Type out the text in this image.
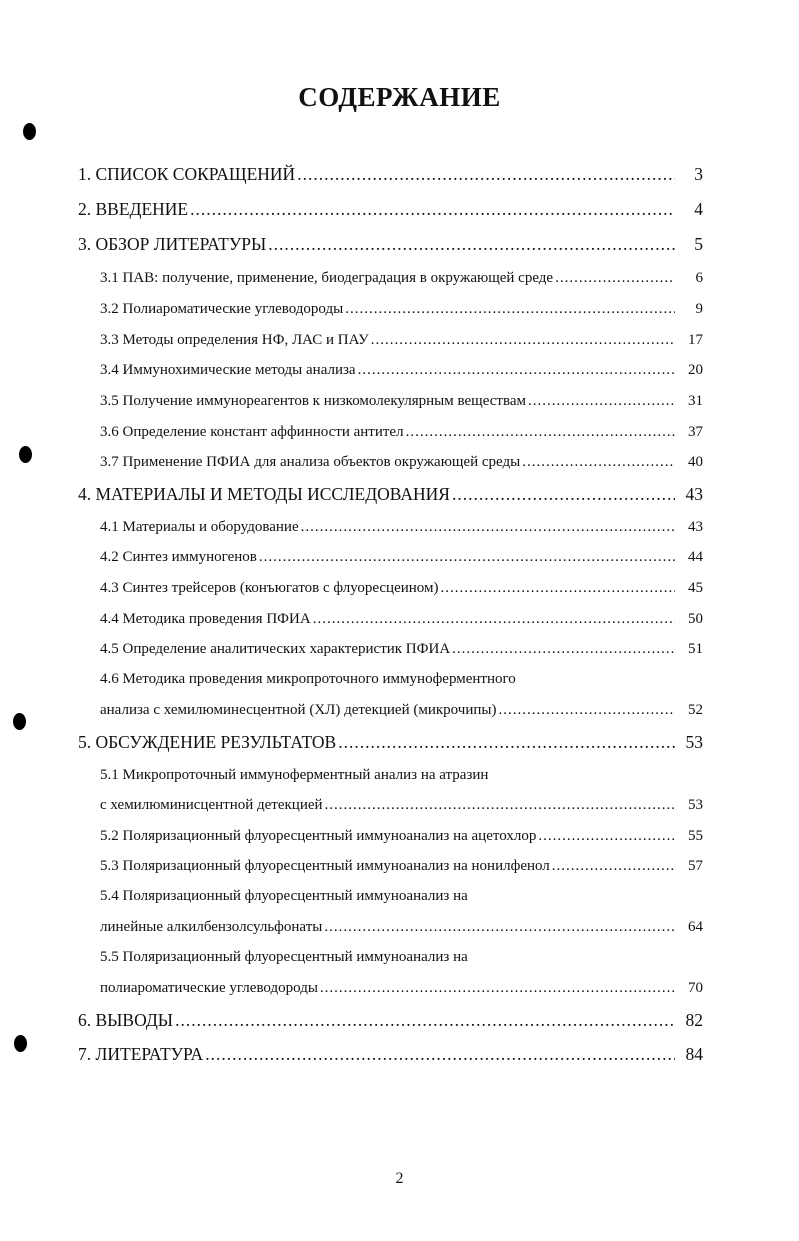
СОДЕРЖАНИЕ
1. СПИСОК СОКРАЩЕНИЙ .....	3
2. ВВЕДЕНИЕ .....	4
3. ОБЗОР ЛИТЕРАТУРЫ .....	5
3.1 ПАВ: получение, применение, биодеградация в окружающей среде .....	6
3.2 Полиароматические углеводороды .....	9
3.3 Методы определения НФ, ЛАС и ПАУ .....	17
3.4 Иммунохимические методы анализа .....	20
3.5 Получение иммунореагентов к низкомолекулярным веществам .....	31
3.6 Определение констант аффинности антител .....	37
3.7 Применение ПФИА для анализа объектов окружающей среды .....	40
4. МАТЕРИАЛЫ И МЕТОДЫ ИССЛЕДОВАНИЯ .....	43
4.1 Материалы и оборудование .....	43
4.2 Синтез иммуногенов .....	44
4.3 Синтез трейсеров (конъюгатов с флуоресцеином) .....	45
4.4 Методика проведения ПФИА .....	50
4.5 Определение аналитических характеристик ПФИА .....	51
4.6 Методика проведения микропроточного иммуноферментного
анализа с хемилюминесцентной (ХЛ) детекцией (микрочипы) .....	52
5. ОБСУЖДЕНИЕ РЕЗУЛЬТАТОВ .....	53
5.1 Микропроточный иммуноферментный анализ на атразин
с хемилюминисцентной детекцией .....	53
5.2 Поляризационный флуоресцентный иммуноанализ на ацетохлор .....	55
5.3 Поляризационный флуоресцентный иммуноанализ на нонилфенол .....	57
5.4 Поляризационный флуоресцентный иммуноанализ на
линейные алкилбензолсульфонаты .....	64
5.5 Поляризационный флуоресцентный иммуноанализ на
полиароматические углеводороды .....	70
6. ВЫВОДЫ .....	82
7. ЛИТЕРАТУРА .....	84
2
